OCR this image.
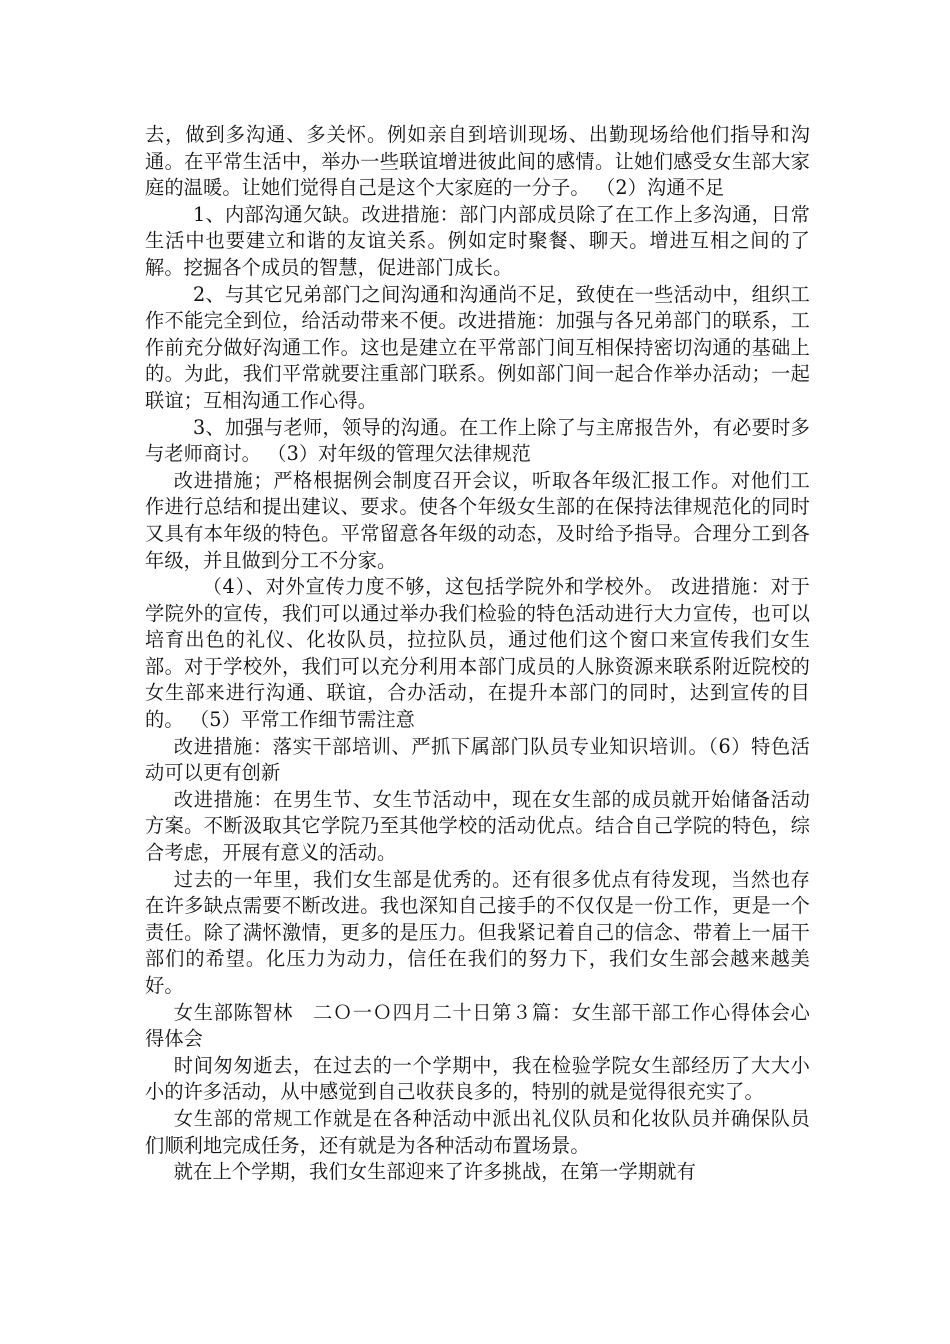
去，做到多沟通、多关怀。例如亲自到培训现场、出勤现场给他们指导和沟通。在平常生活中，举办一些联谊增进彼此间的感情。让她们感受女生部大家庭的温暖。让她们觉得自己是这个大家庭的一分子。 （2）沟通不足

1、内部沟通欠缺。改进措施：部门内部成员除了在工作上多沟通，日常生活中也要建立和谐的友谊关系。例如定时聚餐、聊天。增进互相之间的了解。挖掘各个成员的智慧，促进部门成长。

2、与其它兄弟部门之间沟通和沟通尚不足，致使在一些活动中，组织工作不能完全到位，给活动带来不便。改进措施：加强与各兄弟部门的联系，工作前充分做好沟通工作。这也是建立在平常部门间互相保持密切沟通的基础上的。为此，我们平常就要注重部门联系。例如部门间一起合作举办活动；一起联谊；互相沟通工作心得。

3、加强与老师，领导的沟通。在工作上除了与主席报告外，有必要时多与老师商讨。 （3）对年级的管理欠法律规范

改进措施；严格根据例会制度召开会议，听取各年级汇报工作。对他们工作进行总结和提出建议、要求。使各个年级女生部的在保持法律规范化的同时又具有本年级的特色。平常留意各年级的动态，及时给予指导。合理分工到各年级，并且做到分工不分家。

（4）、对外宣传力度不够，这包括学院外和学校外。 改进措施：对于学院外的宣传，我们可以通过举办我们检验的特色活动进行大力宣传，也可以培育出色的礼仪、化妆队员，拉拉队员，通过他们这个窗口来宣传我们女生部。对于学校外，我们可以充分利用本部门成员的人脉资源来联系附近院校的女生部来进行沟通、联谊，合办活动，在提升本部门的同时，达到宣传的目的。 （5）平常工作细节需注意

改进措施：落实干部培训、严抓下属部门队员专业知识培训。（6）特色活动可以更有创新

改进措施：在男生节、女生节活动中，现在女生部的成员就开始储备活动方案。不断汲取其它学院乃至其他学校的活动优点。结合自己学院的特色，综合考虑，开展有意义的活动。

过去的一年里，我们女生部是优秀的。还有很多优点有待发现，当然也存在许多缺点需要不断改进。我也深知自己接手的不仅仅是一份工作，更是一个责任。除了满怀激情，更多的是压力。但我紧记着自己的信念、带着上一届干部们的希望。化压力为动力，信任在我们的努力下，我们女生部会越来越美好。

女生部陈智林　二Ｏ一Ｏ四月二十日第３篇：女生部干部工作心得体会心得体会

时间匆匆逝去，在过去的一个学期中，我在检验学院女生部经历了大大小小的许多活动，从中感觉到自己收获良多的，特别的就是觉得很充实了。

女生部的常规工作就是在各种活动中派出礼仪队员和化妆队员并确保队员们顺利地完成任务，还有就是为各种活动布置场景。

就在上个学期，我们女生部迎来了许多挑战，在第一学期就有
